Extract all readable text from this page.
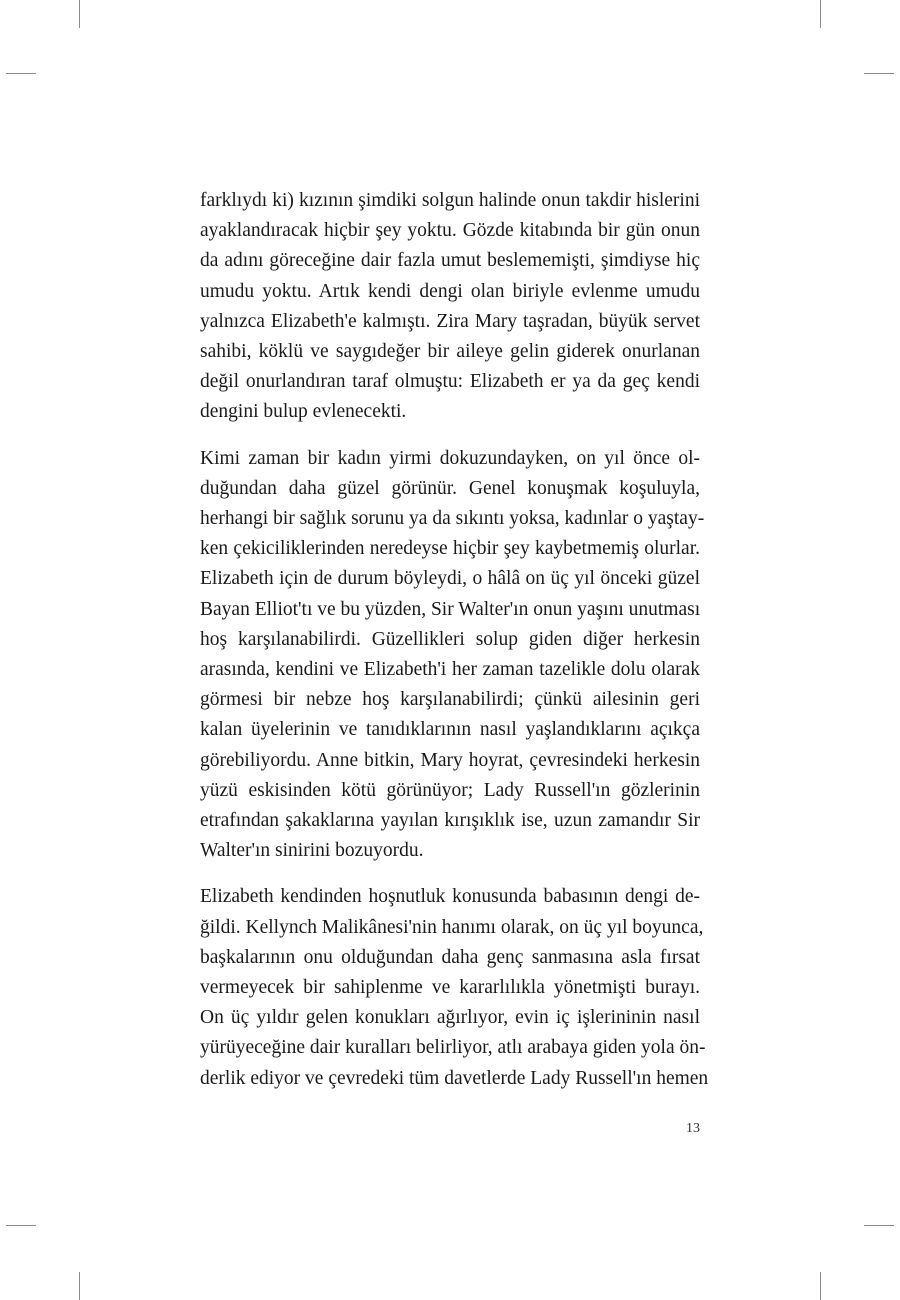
farklıydı ki) kızının şimdiki solgun halinde onun takdir hislerini
ayaklandıracak hiçbir şey yoktu. Gözde kitabında bir gün onun
da adını göreceğine dair fazla umut beslememişti, şimdiyse hiç
umudu yoktu. Artık kendi dengi olan biriyle evlenme umudu
yalnızca Elizabeth'e kalmıştı. Zira Mary taşradan, büyük servet
sahibi, köklü ve saygıdeğer bir aileye gelin giderek onurlanan
değil onurlandıran taraf olmuştu: Elizabeth er ya da geç kendi
dengini bulup evlenecekti.

Kimi zaman bir kadın yirmi dokuzundayken, on yıl önce ol-
duğundan daha güzel görünür. Genel konuşmak koşuluyla,
herhangi bir sağlık sorunu ya da sıkıntı yoksa, kadınlar o yaştay-
ken çekiciliklerinden neredeyse hiçbir şey kaybetmemiş olurlar.
Elizabeth için de durum böyleydi, o hâlâ on üç yıl önceki güzel
Bayan Elliot'tı ve bu yüzden, Sir Walter'ın onun yaşını unutması
hoş karşılanabilirdi. Güzellikleri solup giden diğer herkesin
arasında, kendini ve Elizabeth'i her zaman tazelikle dolu olarak
görmesi bir nebze hoş karşılanabilirdi; çünkü ailesinin geri
kalan üyelerinin ve tanıdıklarının nasıl yaşlandıklarını açıkça
görebiliyordu. Anne bitkin, Mary hoyrat, çevresindeki herkesin
yüzü eskisinden kötü görünüyor; Lady Russell'ın gözlerinin
etrafından şakaklarına yayılan kırışıklık ise, uzun zamandır Sir
Walter'ın sinirini bozuyordu.

Elizabeth kendinden hoşnutluk konusunda babasının dengi de-
ğildi. Kellynch Malikânesi'nin hanımı olarak, on üç yıl boyunca,
başkalarının onu olduğundan daha genç sanmasına asla fırsat
vermeyecek bir sahiplenme ve kararlılıkla yönetmişti burayı.
On üç yıldır gelen konukları ağırlıyor, evin iç işlerininin nasıl
yürüyeceğine dair kuralları belirliyor, atlı arabaya giden yola ön-
derlik ediyor ve çevredeki tüm davetlerde Lady Russell'ın hemen

13
